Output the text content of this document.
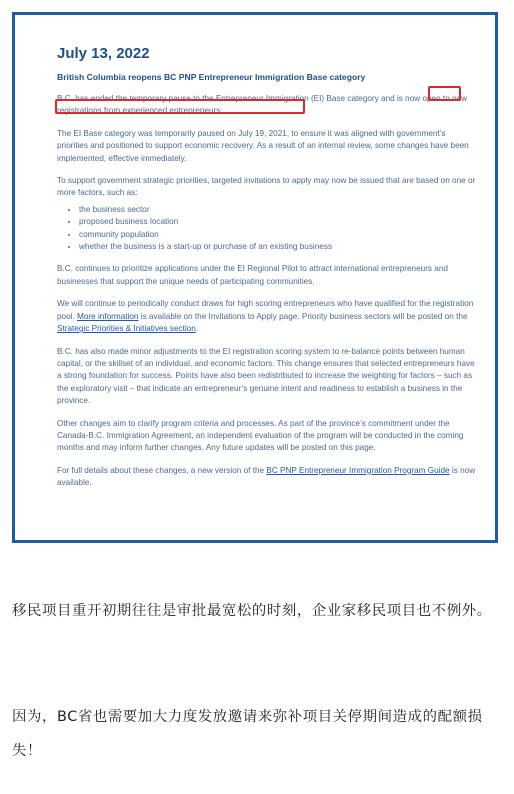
July 13, 2022
British Columbia reopens BC PNP Entrepreneur Immigration Base category

B.C. has ended the temporary pause to the Entrepreneur Immigration (EI) Base category and is now open to new registrations from experienced entrepreneurs.

The EI Base category was temporarily paused on July 19, 2021, to ensure it was aligned with government’s priorities and positioned to support economic recovery. As a result of an internal review, some changes have been implemented, effective immediately.

To support government strategic priorities, targeted invitations to apply may now be issued that are based on one or more factors, such as:

• the business sector
• proposed business location
• community population
• whether the business is a start-up or purchase of an existing business

B.C. continues to prioritize applications under the EI Regional Pilot to attract international entrepreneurs and businesses that support the unique needs of participating communities.

We will continue to periodically conduct draws for high scoring entrepreneurs who have qualified for the registration pool. More information is available on the Invitations to Apply page. Priority business sectors will be posted on the Strategic Priorities & Initiatives section.

B.C. has also made minor adjustments to the EI registration scoring system to re-balance points between human capital, or the skillset of an individual, and economic factors. This change ensures that selected entrepreneurs have a strong foundation for success. Points have also been redistributed to increase the weighting for factors – such as the exploratory visit – that indicate an entrepreneur’s genuine intent and readiness to establish a business in the province.

Other changes aim to clarify program criteria and processes. As part of the province’s commitment under the Canada-B.C. Immigration Agreement, an independent evaluation of the program will be conducted in the coming months and may inform further changes. Any future updates will be posted on this page.

For full details about these changes, a new version of the BC PNP Entrepreneur Immigration Program Guide is now available.

移民项目重开初期往往是审批最宽松的时刻，企业家移民项目也不例外。

因为，BC省也需要加大力度发放邀请来弥补项目关停期间造成的配额损失！
